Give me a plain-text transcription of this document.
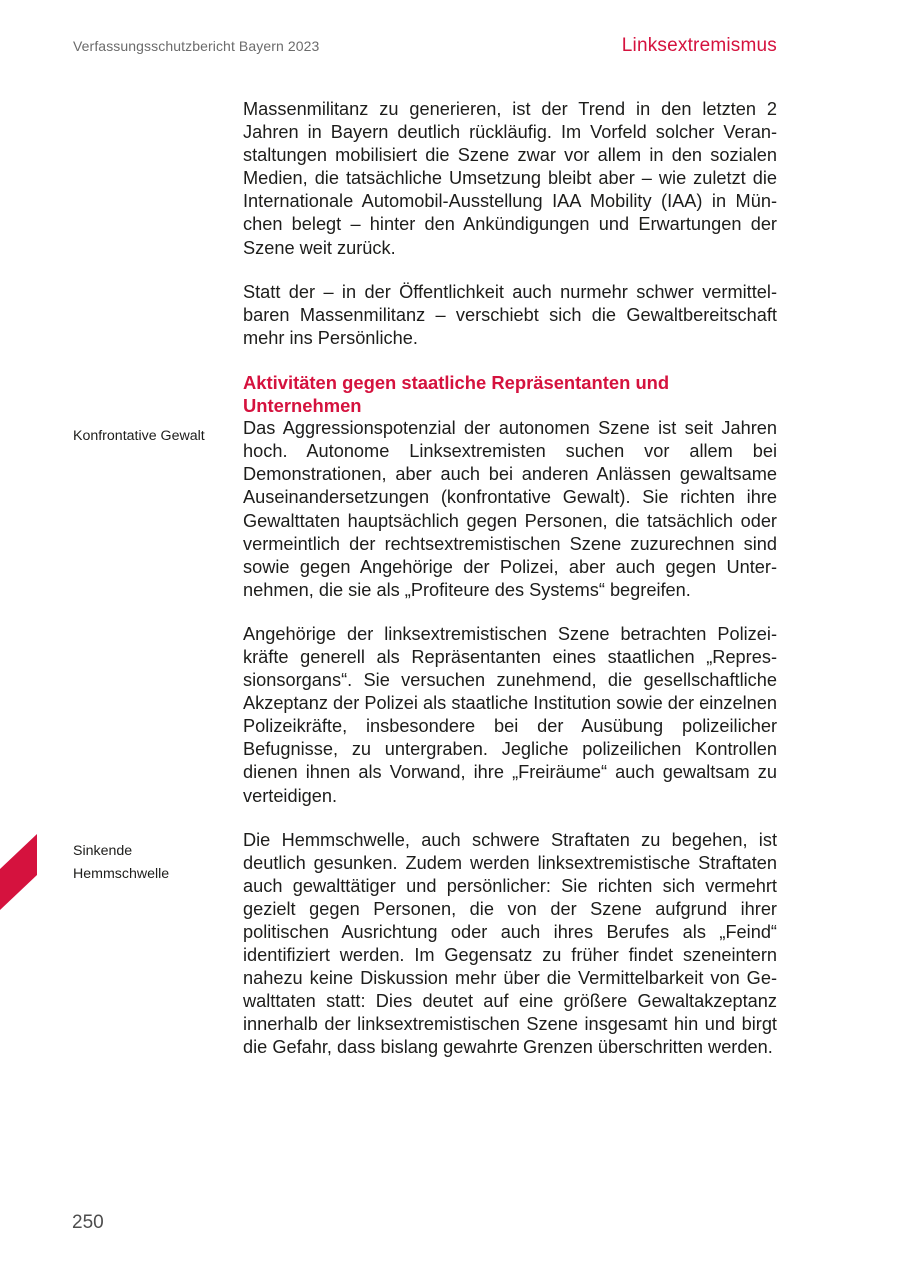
Verfassungsschutzbericht Bayern 2023	Linksextremismus
Konfrontative Gewalt
Sinkende
Hemmschwelle

Massenmilitanz zu generieren, ist der Trend in den letzten 2 Jahren in Bayern deutlich rückläufig. Im Vorfeld solcher Veranstaltungen mobilisiert die Szene zwar vor allem in den sozialen Medien, die tatsächliche Umsetzung bleibt aber – wie zuletzt die Internationale Automobil-Ausstellung IAA Mobility (IAA) in München belegt – hinter den Ankündigungen und Erwartungen der Szene weit zurück.

Statt der – in der Öffentlichkeit auch nurmehr schwer vermittelbaren Massenmilitanz – verschiebt sich die Gewaltbereitschaft mehr ins Persönliche.

Aktivitäten gegen staatliche Repräsentanten und Unternehmen

Das Aggressionspotenzial der autonomen Szene ist seit Jahren hoch. Autonome Linksextremisten suchen vor allem bei Demonstrationen, aber auch bei anderen Anlässen gewaltsame Auseinandersetzungen (konfrontative Gewalt). Sie richten ihre Gewalttaten hauptsächlich gegen Personen, die tatsächlich oder vermeintlich der rechtsextremistischen Szene zuzurechnen sind sowie gegen Angehörige der Polizei, aber auch gegen Unternehmen, die sie als „Profiteure des Systems“ begreifen.

Angehörige der linksextremistischen Szene betrachten Polizeikräfte generell als Repräsentanten eines staatlichen „Repressionsorgans“. Sie versuchen zunehmend, die gesellschaftliche Akzeptanz der Polizei als staatliche Institution sowie der einzelnen Polizeikräfte, insbesondere bei der Ausübung polizeilicher Befugnisse, zu untergraben. Jegliche polizeilichen Kontrollen dienen ihnen als Vorwand, ihre „Freiräume“ auch gewaltsam zu verteidigen.

Die Hemmschwelle, auch schwere Straftaten zu begehen, ist deutlich gesunken. Zudem werden linksextremistische Straftaten auch gewalttätiger und persönlicher: Sie richten sich vermehrt gezielt gegen Personen, die von der Szene aufgrund ihrer politischen Ausrichtung oder auch ihres Berufes als „Feind“ identifiziert werden. Im Gegensatz zu früher findet szeneintern nahezu keine Diskussion mehr über die Vermittelbarkeit von Gewalttaten statt: Dies deutet auf eine größere Gewaltakzeptanz innerhalb der linksextremistischen Szene insgesamt hin und birgt die Gefahr, dass bislang gewahrte Grenzen überschritten werden.

250
